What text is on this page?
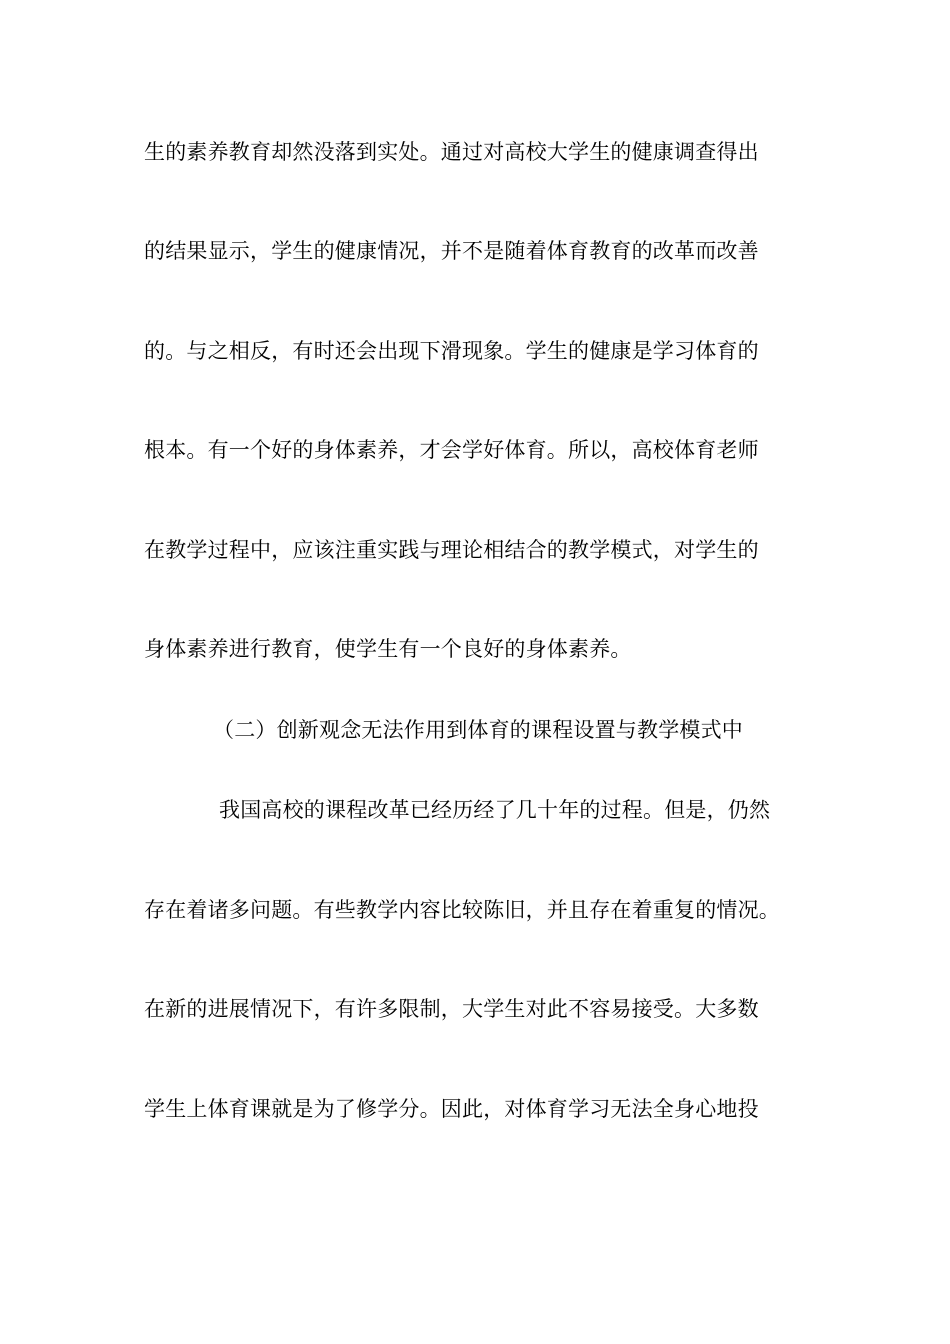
生的素养教育却然没落到实处。通过对高校大学生的健康调查得出
的结果显示，学生的健康情况，并不是随着体育教育的改革而改善
的。与之相反，有时还会出现下滑现象。学生的健康是学习体育的
根本。有一个好的身体素养，才会学好体育。所以，高校体育老师
在教学过程中，应该注重实践与理论相结合的教学模式，对学生的
身体素养进行教育，使学生有一个良好的身体素养。
（二）创新观念无法作用到体育的课程设置与教学模式中
我国高校的课程改革已经历经了几十年的过程。但是，仍然
存在着诸多问题。有些教学内容比较陈旧，并且存在着重复的情况。
在新的进展情况下，有许多限制，大学生对此不容易接受。大多数
学生上体育课就是为了修学分。因此，对体育学习无法全身心地投
